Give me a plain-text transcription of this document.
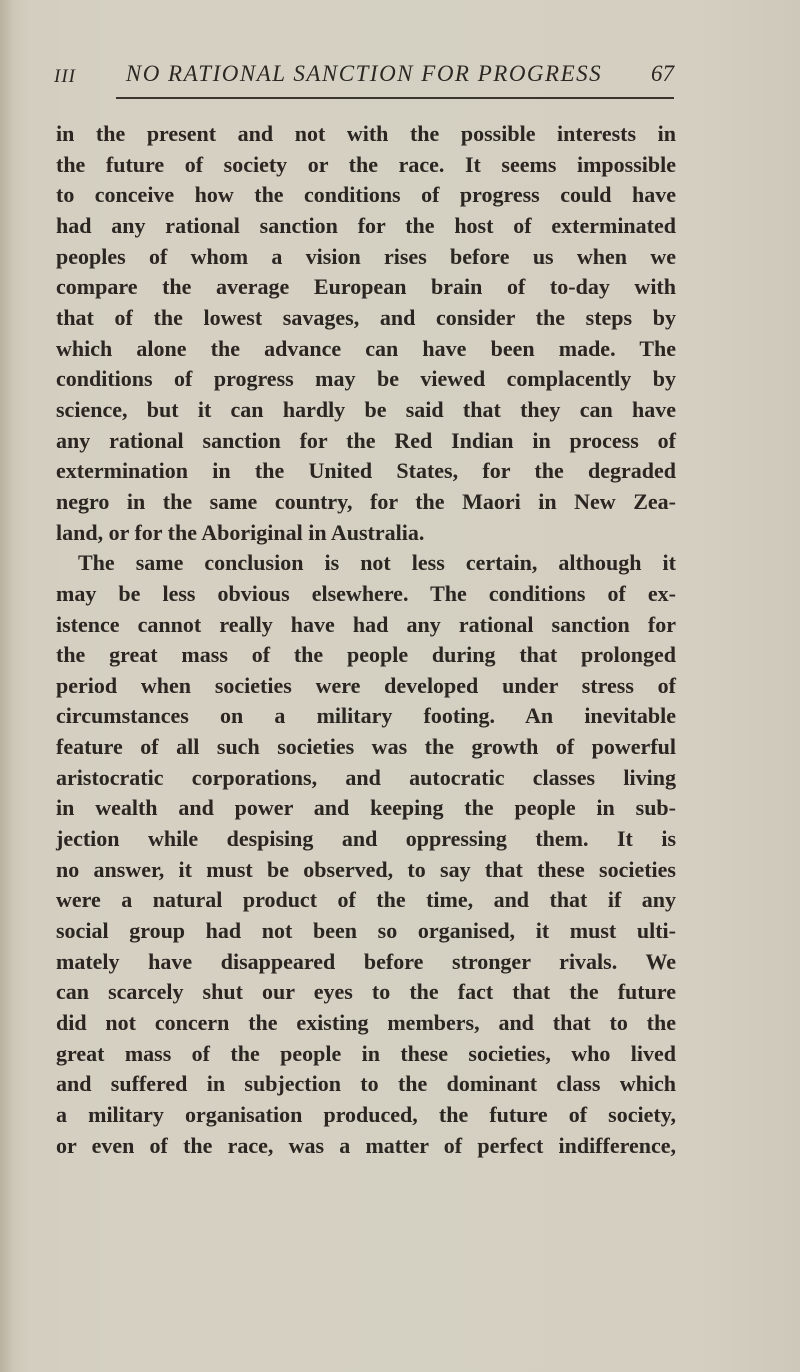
III	NO RATIONAL SANCTION FOR PROGRESS	67
in the present and not with the possible interests in
the future of society or the race. It seems impossible
to conceive how the conditions of progress could have
had any rational sanction for the host of exterminated
peoples of whom a vision rises before us when we
compare the average European brain of to-day with
that of the lowest savages, and consider the steps by
which alone the advance can have been made. The
conditions of progress may be viewed complacently by
science, but it can hardly be said that they can have
any rational sanction for the Red Indian in process of
extermination in the United States, for the degraded
negro in the same country, for the Maori in New Zea-
land, or for the Aboriginal in Australia.
The same conclusion is not less certain, although it
may be less obvious elsewhere. The conditions of ex-
istence cannot really have had any rational sanction for
the great mass of the people during that prolonged
period when societies were developed under stress of
circumstances on a military footing. An inevitable
feature of all such societies was the growth of powerful
aristocratic corporations, and autocratic classes living
in wealth and power and keeping the people in sub-
jection while despising and oppressing them. It is
no answer, it must be observed, to say that these societies
were a natural product of the time, and that if any
social group had not been so organised, it must ulti-
mately have disappeared before stronger rivals. We
can scarcely shut our eyes to the fact that the future
did not concern the existing members, and that to the
great mass of the people in these societies, who lived
and suffered in subjection to the dominant class which
a military organisation produced, the future of society,
or even of the race, was a matter of perfect indifference,
